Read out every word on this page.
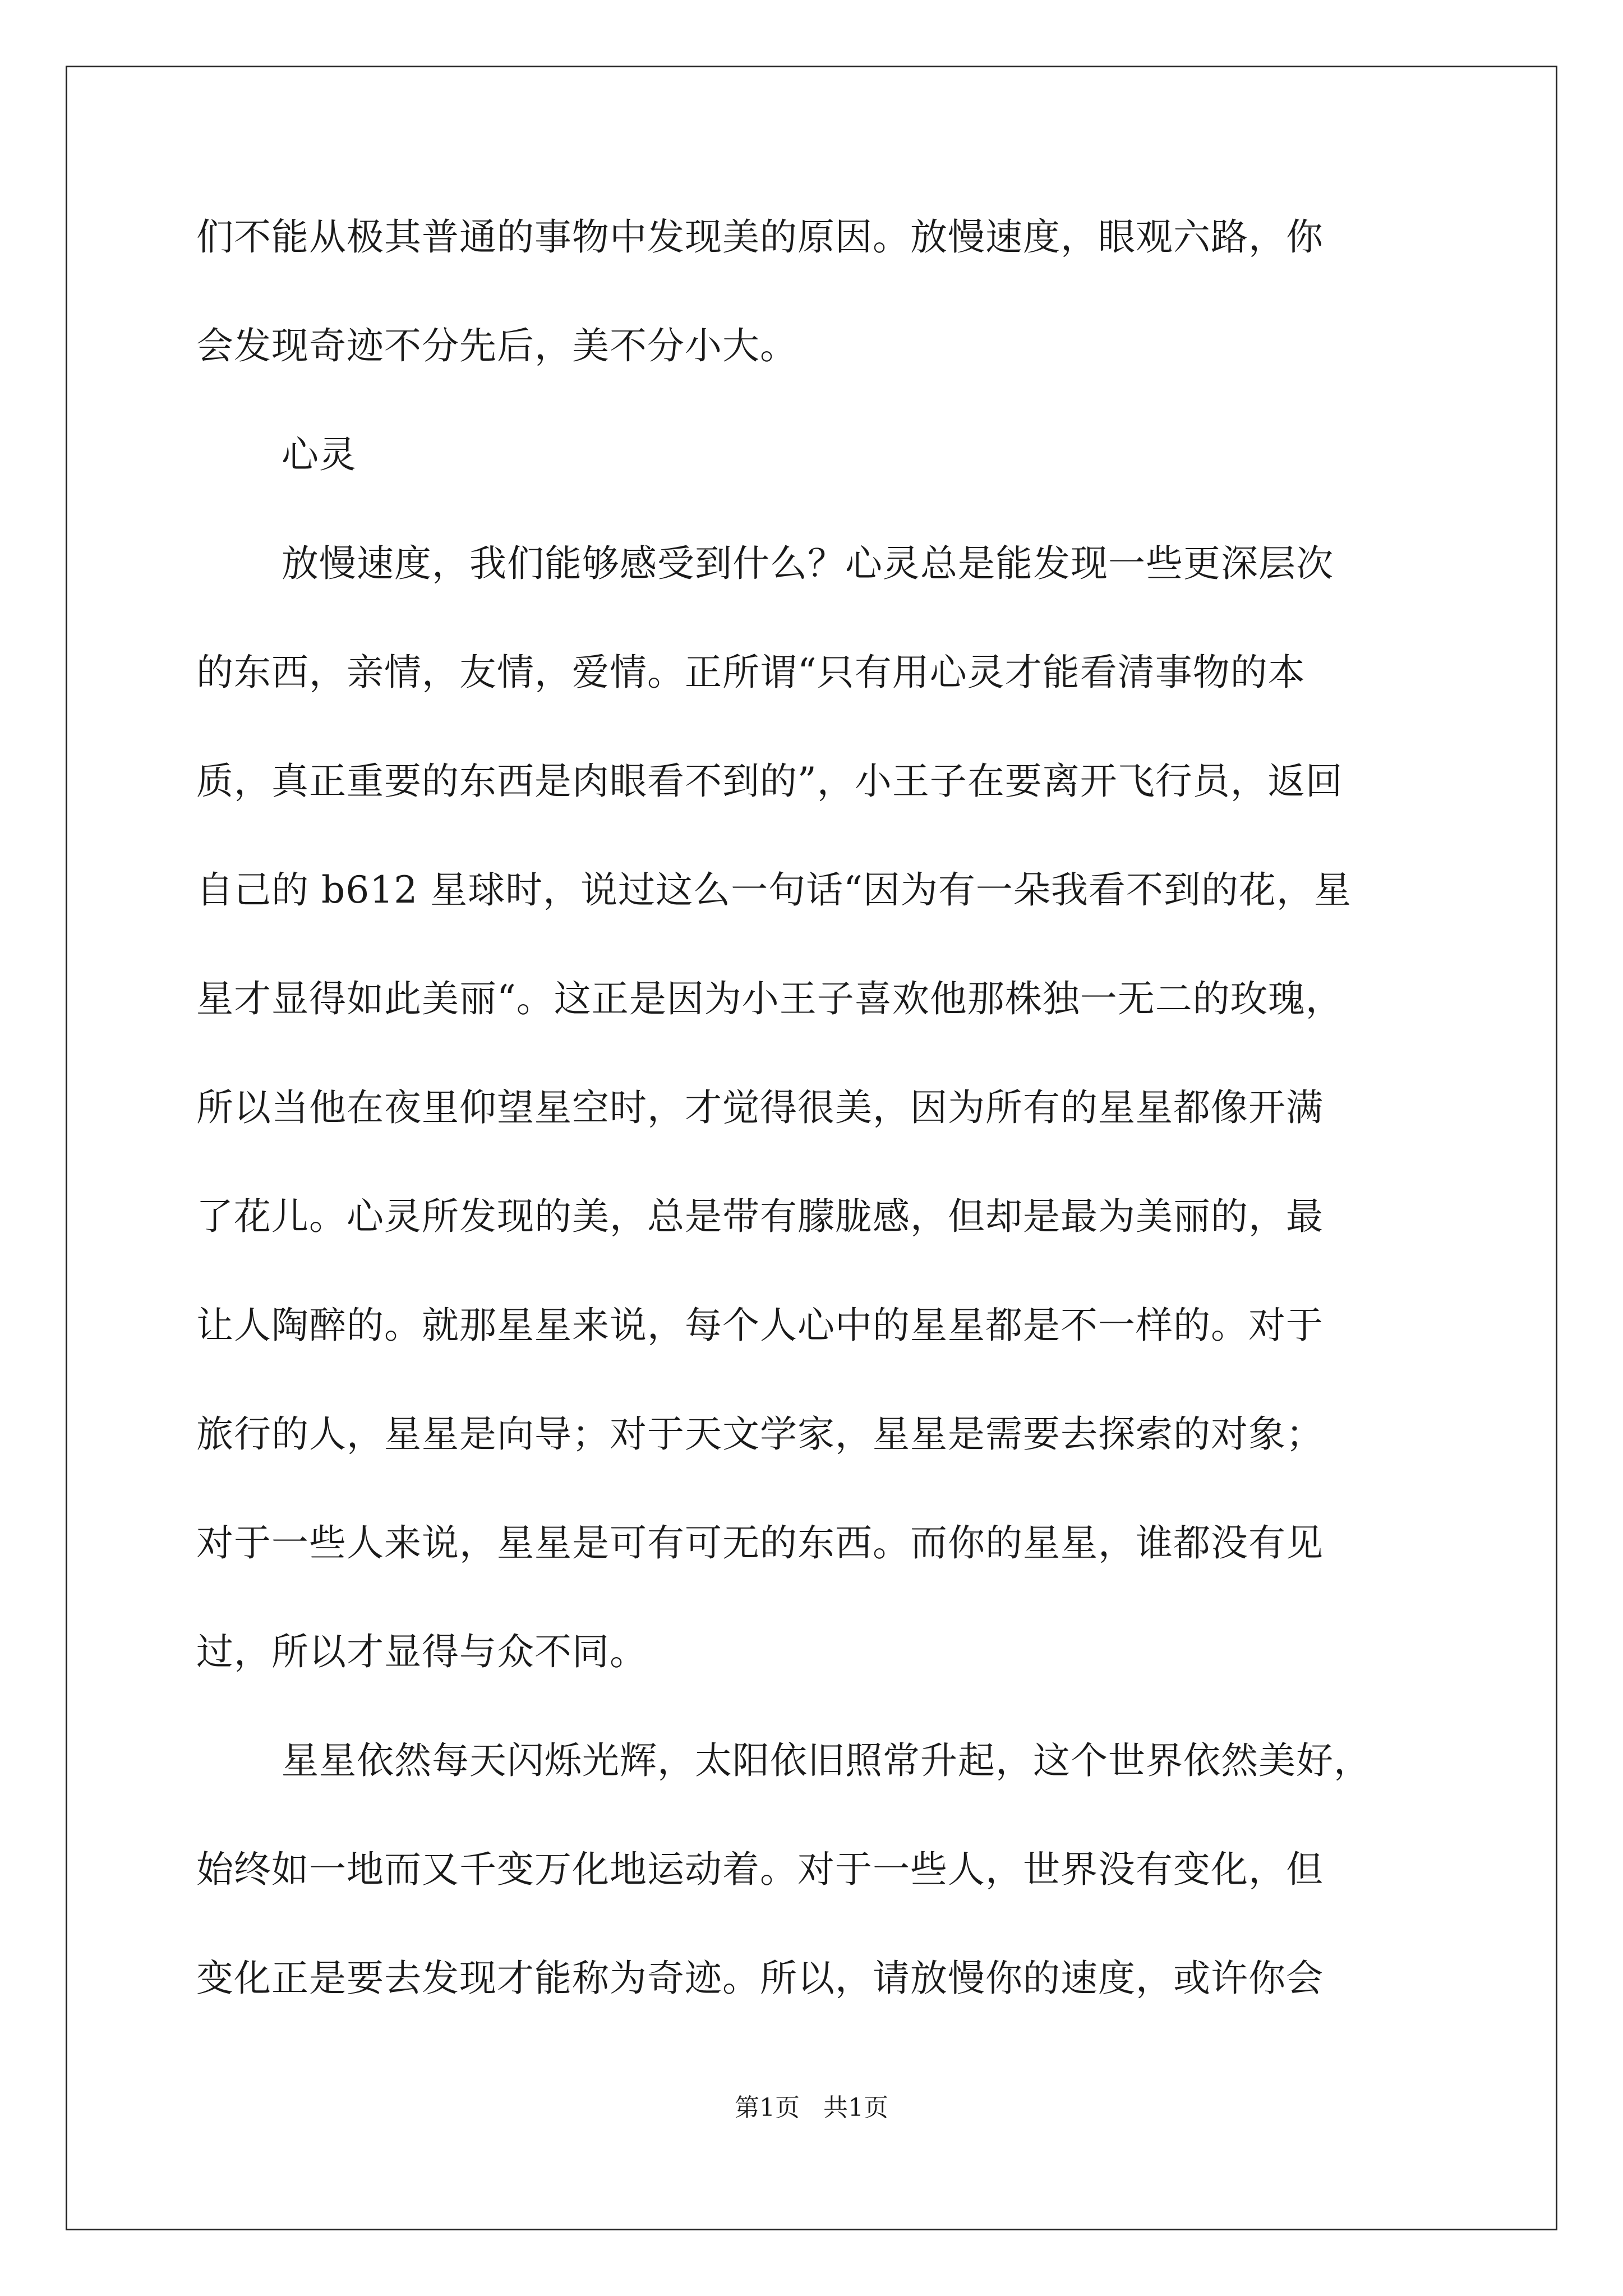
们不能从极其普通的事物中发现美的原因。放慢速度，眼观六路，你

会发现奇迹不分先后，美不分小大。

心灵

放慢速度，我们能够感受到什么？心灵总是能发现一些更深层次

的东西，亲情，友情，爱情。正所谓“只有用心灵才能看清事物的本

质，真正重要的东西是肉眼看不到的”，小王子在要离开飞行员，返回

自己的 b612 星球时，说过这么一句话“因为有一朵我看不到的花，星

星才显得如此美丽“。这正是因为小王子喜欢他那株独一无二的玫瑰，

所以当他在夜里仰望星空时，才觉得很美，因为所有的星星都像开满

了花儿。心灵所发现的美，总是带有朦胧感，但却是最为美丽的，最

让人陶醉的。就那星星来说，每个人心中的星星都是不一样的。对于

旅行的人，星星是向导；对于天文学家，星星是需要去探索的对象；

对于一些人来说，星星是可有可无的东西。而你的星星，谁都没有见

过，所以才显得与众不同。

星星依然每天闪烁光辉，太阳依旧照常升起，这个世界依然美好，

始终如一地而又千变万化地运动着。对于一些人，世界没有变化，但

变化正是要去发现才能称为奇迹。所以，请放慢你的速度，或许你会

第1页   共1页
